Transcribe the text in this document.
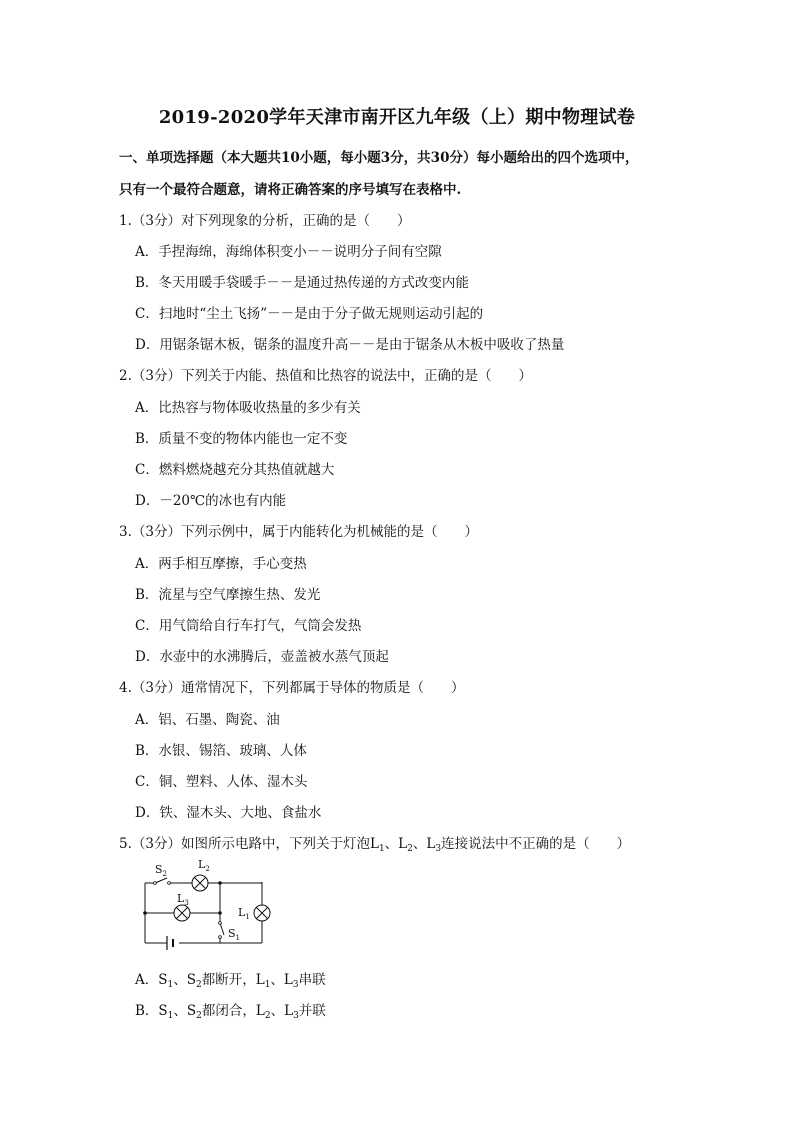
2019-2020学年天津市南开区九年级（上）期中物理试卷
一、单项选择题（本大题共10小题，每小题3分，共30分）每小题给出的四个选项中，
只有一个最符合题意，请将正确答案的序号填写在表格中.
1.（3分）对下列现象的分析，正确的是（　　）
A．手捏海绵，海绵体积变小－－说明分子间有空隙
B．冬天用暖手袋暖手－－是通过热传递的方式改变内能
C．扫地时“尘土飞扬”－－是由于分子做无规则运动引起的
D．用锯条锯木板，锯条的温度升高－－是由于锯条从木板中吸收了热量
2.（3分）下列关于内能、热值和比热容的说法中，正确的是（　　）
A．比热容与物体吸收热量的多少有关
B．质量不变的物体内能也一定不变
C．燃料燃烧越充分其热值就越大
D．－20℃的冰也有内能
3.（3分）下列示例中，属于内能转化为机械能的是（　　）
A．两手相互摩擦，手心变热
B．流星与空气摩擦生热、发光
C．用气筒给自行车打气，气筒会发热
D．水壶中的水沸腾后，壶盖被水蒸气顶起
4.（3分）通常情况下，下列都属于导体的物质是（　　）
A．铝、石墨、陶瓷、油
B．水银、锡箔、玻璃、人体
C．铜、塑料、人体、湿木头
D．铁、湿木头、大地、食盐水
5.（3分）如图所示电路中，下列关于灯泡$L_1$、$L_2$、$L_3$连接说法中不正确的是（　　）
$S_2$
$L_2$
$L_3$
$L_1$
$S_1$
A．$S_1$、$S_2$都断开，$L_1$、$L_3$串联
B．$S_1$、$S_2$都闭合，$L_2$、$L_3$并联
